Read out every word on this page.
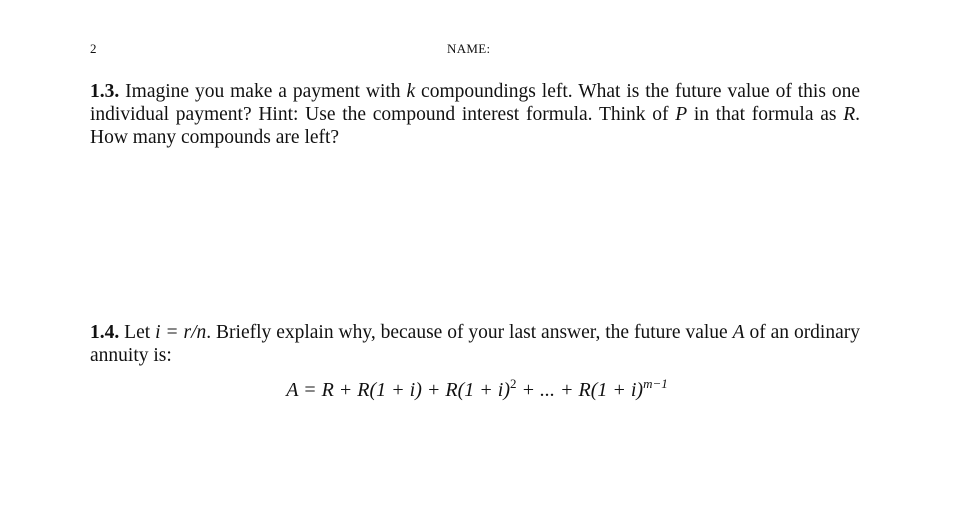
2	NAME:
1.3. Imagine you make a payment with k compoundings left. What is the future value of this one individual payment? Hint: Use the compound interest formula. Think of P in that formula as R. How many compounds are left?
1.4. Let i = r/n. Briefly explain why, because of your last answer, the future value A of an ordinary annuity is:
$A = R + R(1 + i) + R(1 + i)^2$ + ... + $R(1 + i)^{m-1}$
